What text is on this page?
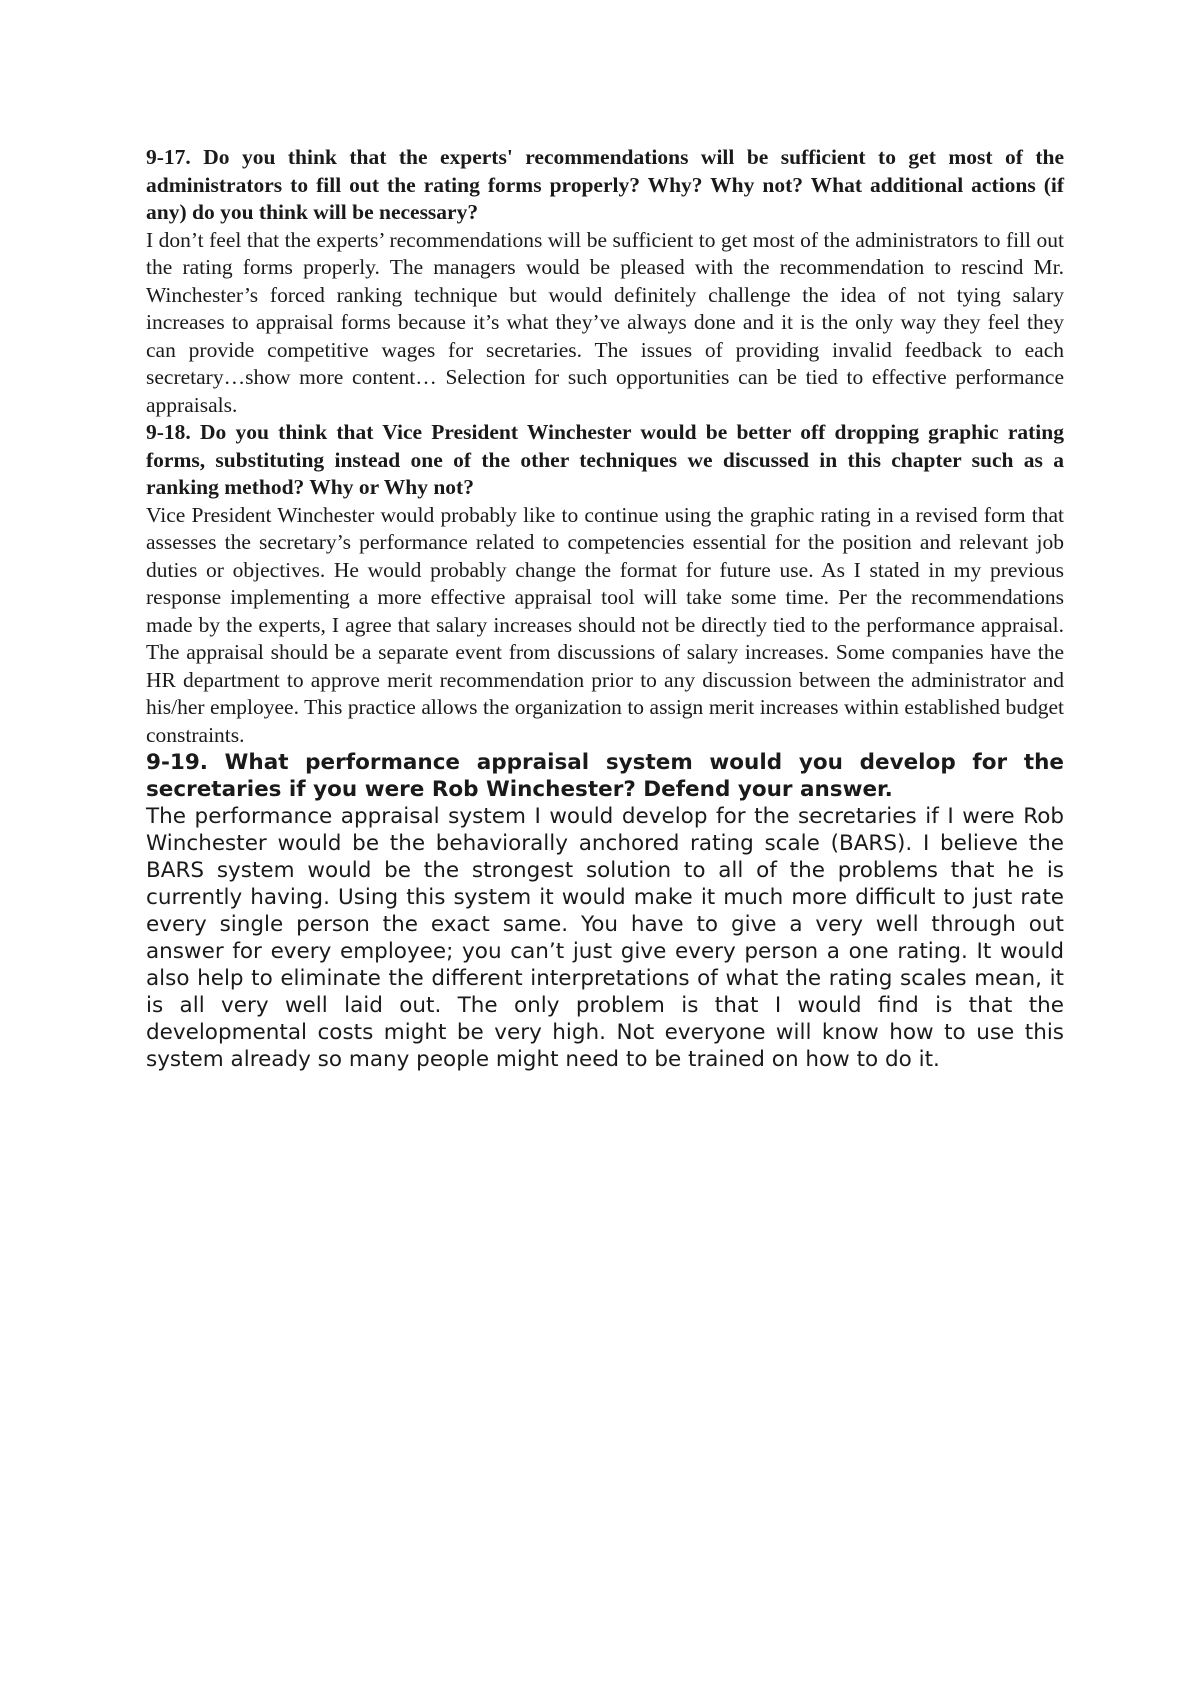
9-17. Do you think that the experts' recommendations will be sufficient to get most of the administrators to fill out the rating forms properly? Why? Why not? What additional actions (if any) do you think will be necessary?

I don’t feel that the experts’ recommendations will be sufficient to get most of the administrators to fill out the rating forms properly. The managers would be pleased with the recommendation to rescind Mr. Winchester’s forced ranking technique but would definitely challenge the idea of not tying salary increases to appraisal forms because it’s what they’ve always done and it is the only way they feel they can provide competitive wages for secretaries. The issues of providing invalid feedback to each secretary…show more content… Selection for such opportunities can be tied to effective performance appraisals.

9-18. Do you think that Vice President Winchester would be better off dropping graphic rating forms, substituting instead one of the other techniques we discussed in this chapter such as a ranking method? Why or Why not?

Vice President Winchester would probably like to continue using the graphic rating in a revised form that assesses the secretary’s performance related to competencies essential for the position and relevant job duties or objectives. He would probably change the format for future use. As I stated in my previous response implementing a more effective appraisal tool will take some time. Per the recommendations made by the experts, I agree that salary increases should not be directly tied to the performance appraisal. The appraisal should be a separate event from discussions of salary increases. Some companies have the HR department to approve merit recommendation prior to any discussion between the administrator and his/her employee. This practice allows the organization to assign merit increases within established budget constraints.

9-19. What performance appraisal system would you develop for the secretaries if you were Rob Winchester? Defend your answer.

The performance appraisal system I would develop for the secretaries if I were Rob Winchester would be the behaviorally anchored rating scale (BARS). I believe the BARS system would be the strongest solution to all of the problems that he is currently having. Using this system it would make it much more difficult to just rate every single person the exact same. You have to give a very well through out answer for every employee; you can’t just give every person a one rating. It would also help to eliminate the different interpretations of what the rating scales mean, it is all very well laid out. The only problem is that I would find is that the developmental costs might be very high. Not everyone will know how to use this system already so many people might need to be trained on how to do it.
